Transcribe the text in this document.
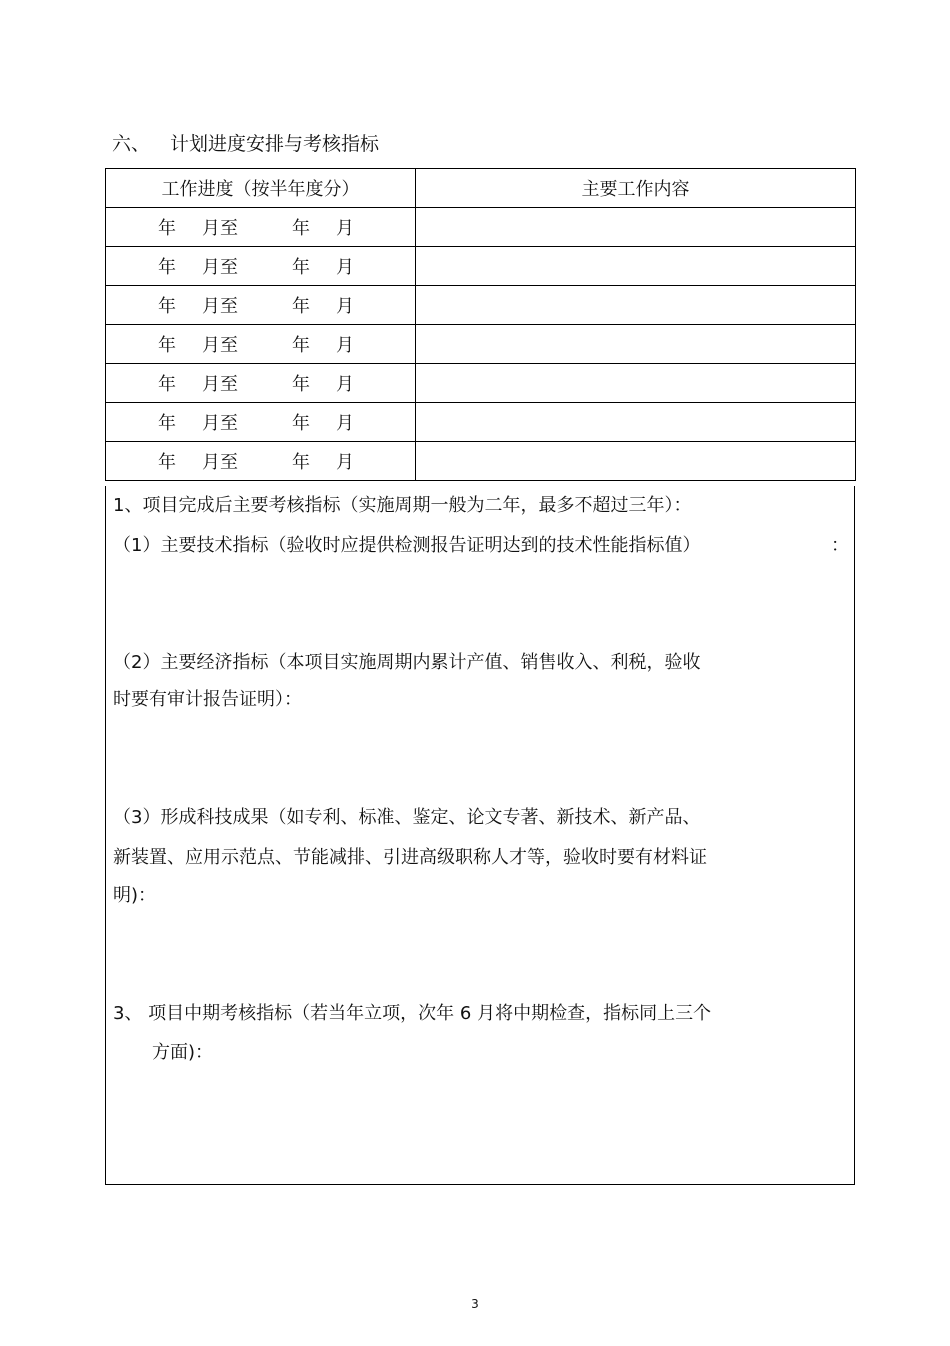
六、 计划进度安排与考核指标
工作进度（按半年度分）	主要工作内容

年 月至 年 月	

年 月至 年 月	

年 月至 年 月	

年 月至 年 月	

年 月至 年 月	

年 月至 年 月	

年 月至 年 月	

1、项目完成后主要考核指标（实施周期一般为二年，最多不超过三年）：
（1）主要技术指标（验收时应提供检测报告证明达到的技术性能指标值）	：
（2）主要经济指标（本项目实施周期内累计产值、销售收入、利税，验收
时要有审计报告证明）：
（3）形成科技成果（如专利、标准、鉴定、论文专著、新技术、新产品、
新装置、应用示范点、节能减排、引进高级职称人才等，验收时要有材料证
明)：
3、 项目中期考核指标（若当年立项，次年 6 月将中期检查，指标同上三个
方面)：
3
